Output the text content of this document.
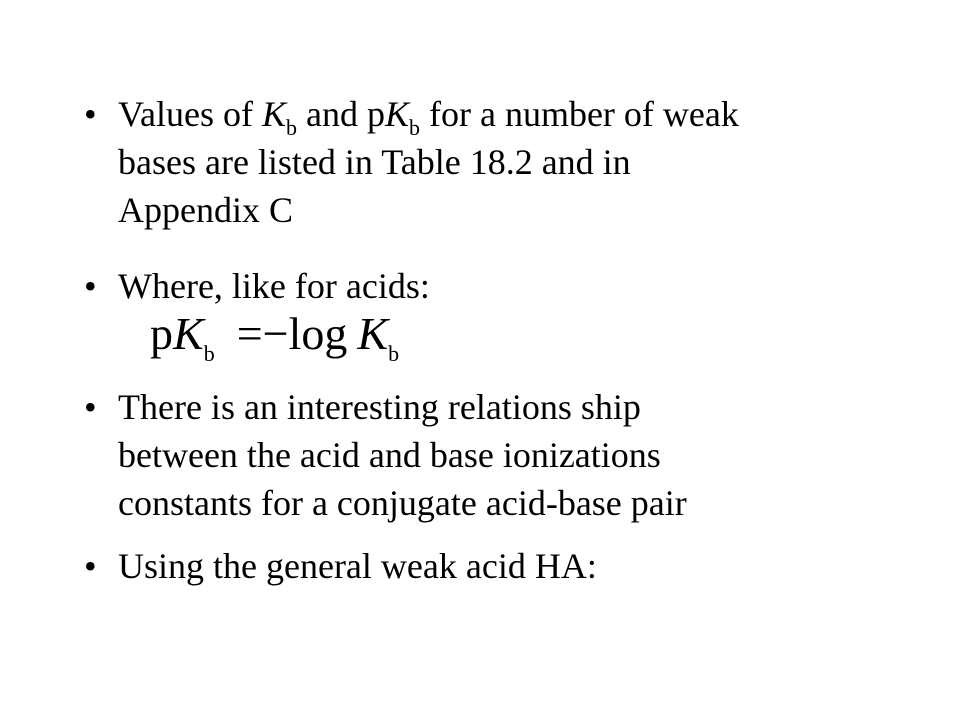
• Values of $K_b$ and $pK_b$ for a number of weak
bases are listed in Table 18.2 and in
Appendix C
• Where, like for acids:
$pK_b =-\log$ $K_b$
• There is an interesting relations ship
between the acid and base ionizations
constants for a conjugate acid-base pair
• Using the general weak acid HA:
